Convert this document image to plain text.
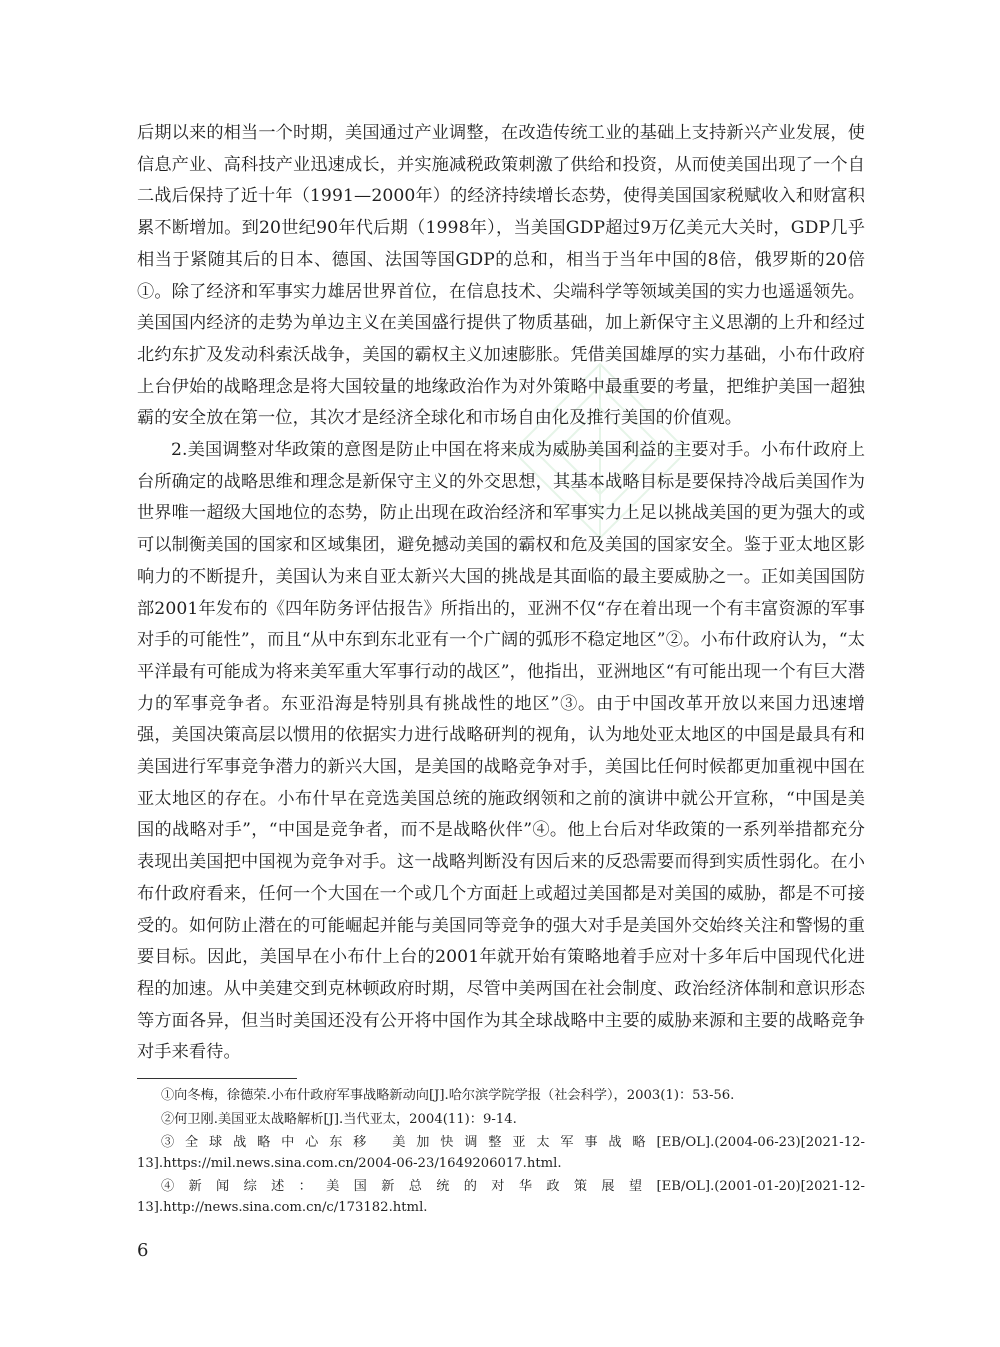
后期以来的相当一个时期，美国通过产业调整，在改造传统工业的基础上支持新兴产业发展，使信息产业、高科技产业迅速成长，并实施减税政策刺激了供给和投资，从而使美国出现了一个自二战后保持了近十年（1991—2000年）的经济持续增长态势，使得美国国家税赋收入和财富积累不断增加。到20世纪90年代后期（1998年），当美国GDP超过9万亿美元大关时，GDP几乎相当于紧随其后的日本、德国、法国等国GDP的总和，相当于当年中国的8倍，俄罗斯的20倍①。除了经济和军事实力雄居世界首位，在信息技术、尖端科学等领域美国的实力也遥遥领先。美国国内经济的走势为单边主义在美国盛行提供了物质基础，加上新保守主义思潮的上升和经过北约东扩及发动科索沃战争，美国的霸权主义加速膨胀。凭借美国雄厚的实力基础，小布什政府上台伊始的战略理念是将大国较量的地缘政治作为对外策略中最重要的考量，把维护美国一超独霸的安全放在第一位，其次才是经济全球化和市场自由化及推行美国的价值观。

2.美国调整对华政策的意图是防止中国在将来成为威胁美国利益的主要对手。小布什政府上台所确定的战略思维和理念是新保守主义的外交思想，其基本战略目标是要保持冷战后美国作为世界唯一超级大国地位的态势，防止出现在政治经济和军事实力上足以挑战美国的更为强大的或可以制衡美国的国家和区域集团，避免撼动美国的霸权和危及美国的国家安全。鉴于亚太地区影响力的不断提升，美国认为来自亚太新兴大国的挑战是其面临的最主要威胁之一。正如美国国防部2001年发布的《四年防务评估报告》所指出的，亚洲不仅“存在着出现一个有丰富资源的军事对手的可能性”，而且“从中东到东北亚有一个广阔的弧形不稳定地区”②。小布什政府认为，“太平洋最有可能成为将来美军重大军事行动的战区”，他指出，亚洲地区“有可能出现一个有巨大潜力的军事竞争者。东亚沿海是特别具有挑战性的地区”③。由于中国改革开放以来国力迅速增强，美国决策高层以惯用的依据实力进行战略研判的视角，认为地处亚太地区的中国是最具有和美国进行军事竞争潜力的新兴大国，是美国的战略竞争对手，美国比任何时候都更加重视中国在亚太地区的存在。小布什早在竞选美国总统的施政纲领和之前的演讲中就公开宣称，“中国是美国的战略对手”，“中国是竞争者，而不是战略伙伴”④。他上台后对华政策的一系列举措都充分表现出美国把中国视为竞争对手。这一战略判断没有因后来的反恐需要而得到实质性弱化。在小布什政府看来，任何一个大国在一个或几个方面赶上或超过美国都是对美国的威胁，都是不可接受的。如何防止潜在的可能崛起并能与美国同等竞争的强大对手是美国外交始终关注和警惕的重要目标。因此，美国早在小布什上台的2001年就开始有策略地着手应对十多年后中国现代化进程的加速。从中美建交到克林顿政府时期，尽管中美两国在社会制度、政治经济体制和意识形态等方面各异，但当时美国还没有公开将中国作为其全球战略中主要的威胁来源和主要的战略竞争对手来看待。

①向冬梅，徐德荣.小布什政府军事战略新动向[J].哈尔滨学院学报（社会科学），2003(1)：53-56.

②何卫刚.美国亚太战略解析[J].当代亚太，2004(11)：9-14.

③全球战略中心东移 美加快调整亚太军事战略[EB/OL].(2004-06-23)[2021-12-13].https://mil.news.sina.com.cn/2004-06-23/1649206017.html.

④新闻综述：美国新总统的对华政策展望[EB/OL].(2001-01-20)[2021-12-13].http://news.sina.com.cn/c/173182.html.

6
